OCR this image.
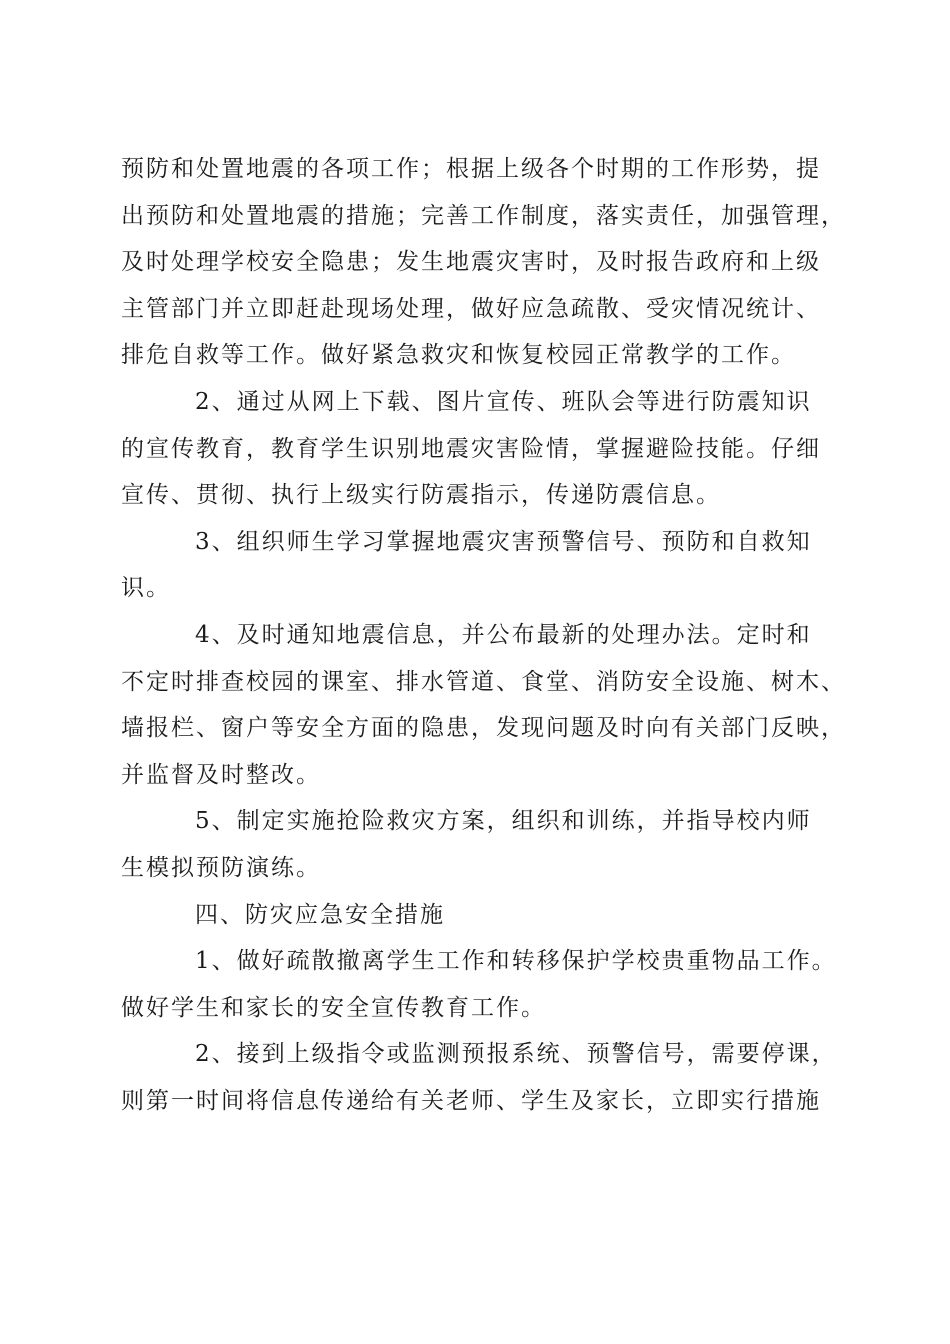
预防和处置地震的各项工作；根据上级各个时期的工作形势，提
出预防和处置地震的措施；完善工作制度，落实责任，加强管理，
及时处理学校安全隐患；发生地震灾害时，及时报告政府和上级
主管部门并立即赶赴现场处理，做好应急疏散、受灾情况统计、
排危自救等工作。做好紧急救灾和恢复校园正常教学的工作。
2、通过从网上下载、图片宣传、班队会等进行防震知识
的宣传教育，教育学生识别地震灾害险情，掌握避险技能。仔细
宣传、贯彻、执行上级实行防震指示，传递防震信息。
3、组织师生学习掌握地震灾害预警信号、预防和自救知
识。
4、及时通知地震信息，并公布最新的处理办法。定时和
不定时排查校园的课室、排水管道、食堂、消防安全设施、树木、
墙报栏、窗户等安全方面的隐患，发现问题及时向有关部门反映，
并监督及时整改。
5、制定实施抢险救灾方案，组织和训练，并指导校内师
生模拟预防演练。
四、防灾应急安全措施
1、做好疏散撤离学生工作和转移保护学校贵重物品工作。
做好学生和家长的安全宣传教育工作。
2、接到上级指令或监测预报系统、预警信号，需要停课，
则第一时间将信息传递给有关老师、学生及家长，立即实行措施
